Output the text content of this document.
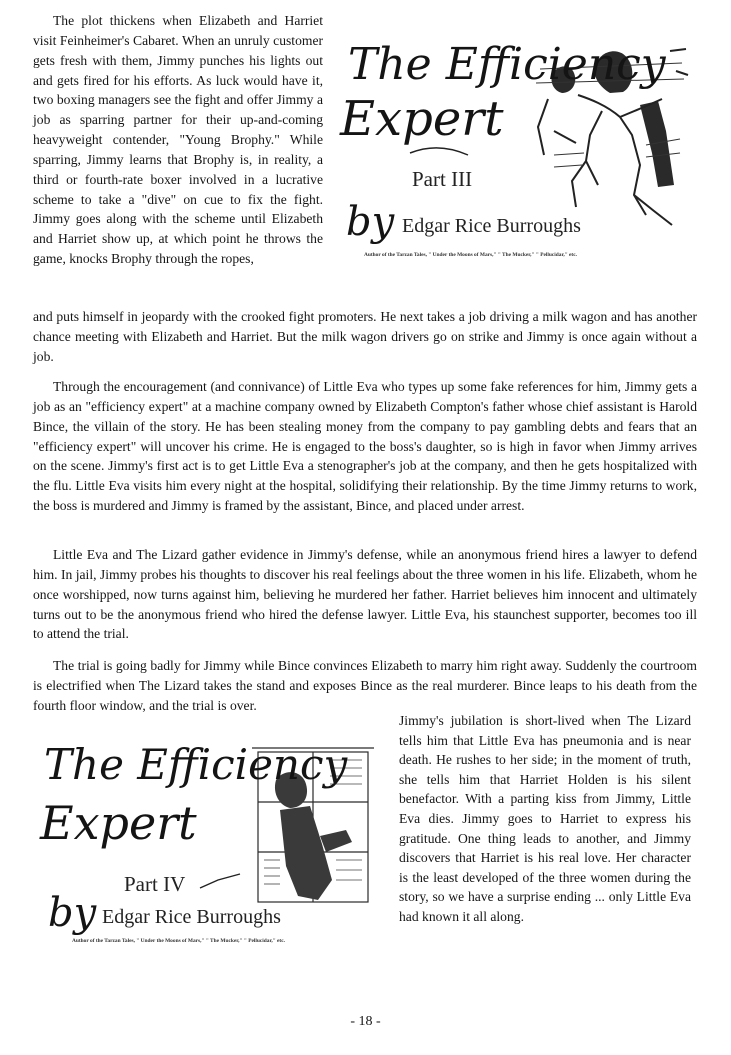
The plot thickens when Elizabeth and Harriet visit Feinheimer's Cabaret. When an unruly customer gets fresh with them, Jimmy punches his lights out and gets fired for his efforts. As luck would have it, two boxing managers see the fight and offer Jimmy a job as sparring partner for their up-and-coming heavyweight contender, "Young Brophy." While sparring, Jimmy learns that Brophy is, in reality, a third or fourth-rate boxer involved in a lucrative scheme to take a "dive" on cue to fix the fight. Jimmy goes along with the scheme until Elizabeth and Harriet show up, at which point he throws the game, knocks Brophy through the ropes,

The Efficiency
Expert
Part III
by Edgar Rice Burroughs
Author of the Tarzan Tales, " Under the Moons of Mars," " The Mucker," " Pellucidar," etc.

and puts himself in jeopardy with the crooked fight promoters. He next takes a job driving a milk wagon and has another chance meeting with Elizabeth and Harriet. But the milk wagon drivers go on strike and Jimmy is once again without a job.

Through the encouragement (and connivance) of Little Eva who types up some fake references for him, Jimmy gets a job as an "efficiency expert" at a machine company owned by Elizabeth Compton's father whose chief assistant is Harold Bince, the villain of the story. He has been stealing money from the company to pay gambling debts and fears that an "efficiency expert" will uncover his crime. He is engaged to the boss's daughter, so is high in favor when Jimmy arrives on the scene. Jimmy's first act is to get Little Eva a stenographer's job at the company, and then he gets hospitalized with the flu. Little Eva visits him every night at the hospital, solidifying their relationship. By the time Jimmy returns to work, the boss is murdered and Jimmy is framed by the assistant, Bince, and placed under arrest.

Little Eva and The Lizard gather evidence in Jimmy's defense, while an anonymous friend hires a lawyer to defend him. In jail, Jimmy probes his thoughts to discover his real feelings about the three women in his life. Elizabeth, whom he once worshipped, now turns against him, believing he murdered her father. Harriet believes him innocent and ultimately turns out to be the anonymous friend who hired the defense lawyer. Little Eva, his staunchest supporter, becomes too ill to attend the trial.

The trial is going badly for Jimmy while Bince convinces Elizabeth to marry him right away. Suddenly the courtroom is electrified when The Lizard takes the stand and exposes Bince as the real murderer. Bince leaps to his death from the fourth floor window, and the trial is over.

The Efficiency
Expert
Part IV
by Edgar Rice Burroughs
Author of the Tarzan Tales, " Under the Moons of Mars," " The Mucker," " Pellucidar," etc.

Jimmy's jubilation is short-lived when The Lizard tells him that Little Eva has pneumonia and is near death. He rushes to her side; in the moment of truth, she tells him that Harriet Holden is his silent benefactor. With a parting kiss from Jimmy, Little Eva dies. Jimmy goes to Harriet to express his gratitude. One thing leads to another, and Jimmy discovers that Harriet is his real love. Her character is the least developed of the three women during the story, so we have a surprise ending ... only Little Eva had known it all along.

- 18 -
